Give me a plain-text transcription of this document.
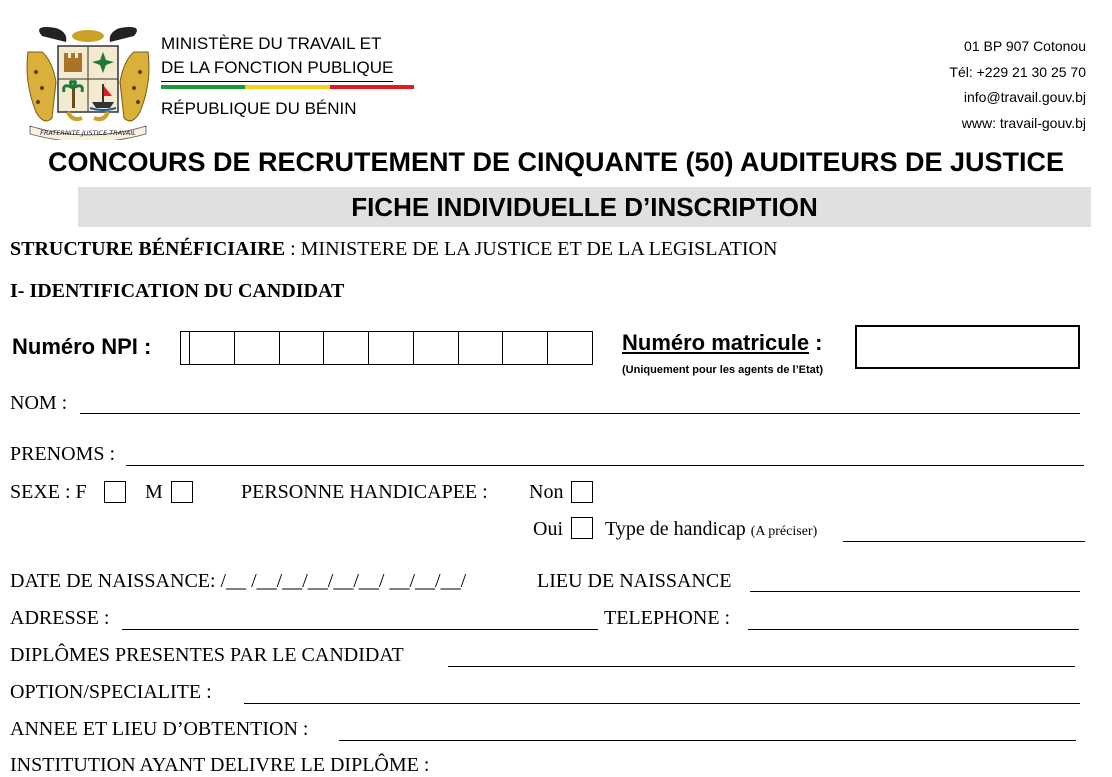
FRATERNITE JUSTICE TRAVAIL
MINISTÈRE DU TRAVAIL ET
DE LA FONCTION PUBLIQUE
RÉPUBLIQUE DU BÉNIN
01 BP 907 Cotonou
Tél: +229 21 30 25 70
info@travail.gouv.bj
www: travail-gouv.bj
CONCOURS DE RECRUTEMENT DE CINQUANTE (50) AUDITEURS DE JUSTICE
FICHE INDIVIDUELLE D’INSCRIPTION
STRUCTURE BÉNÉFICIAIRE : MINISTERE DE LA JUSTICE ET DE LA LEGISLATION
I- IDENTIFICATION DU CANDIDAT
Numéro NPI :	Numéro matricule :
(Uniquement pour les agents de l’Etat)
NOM :
PRENOMS :
SEXE : F	M	PERSONNE HANDICAPEE : Non
Oui Type de handicap (A préciser)
DATE DE NAISSANCE: /__ /__/__/__/__/__/ __/__/__/	LIEU DE NAISSANCE
ADRESSE :	TELEPHONE :
DIPLÔMES PRESENTES PAR LE CANDIDAT
OPTION/SPECIALITE :
ANNEE ET LIEU D’OBTENTION :
INSTITUTION AYANT DELIVRE LE DIPLÔME :
